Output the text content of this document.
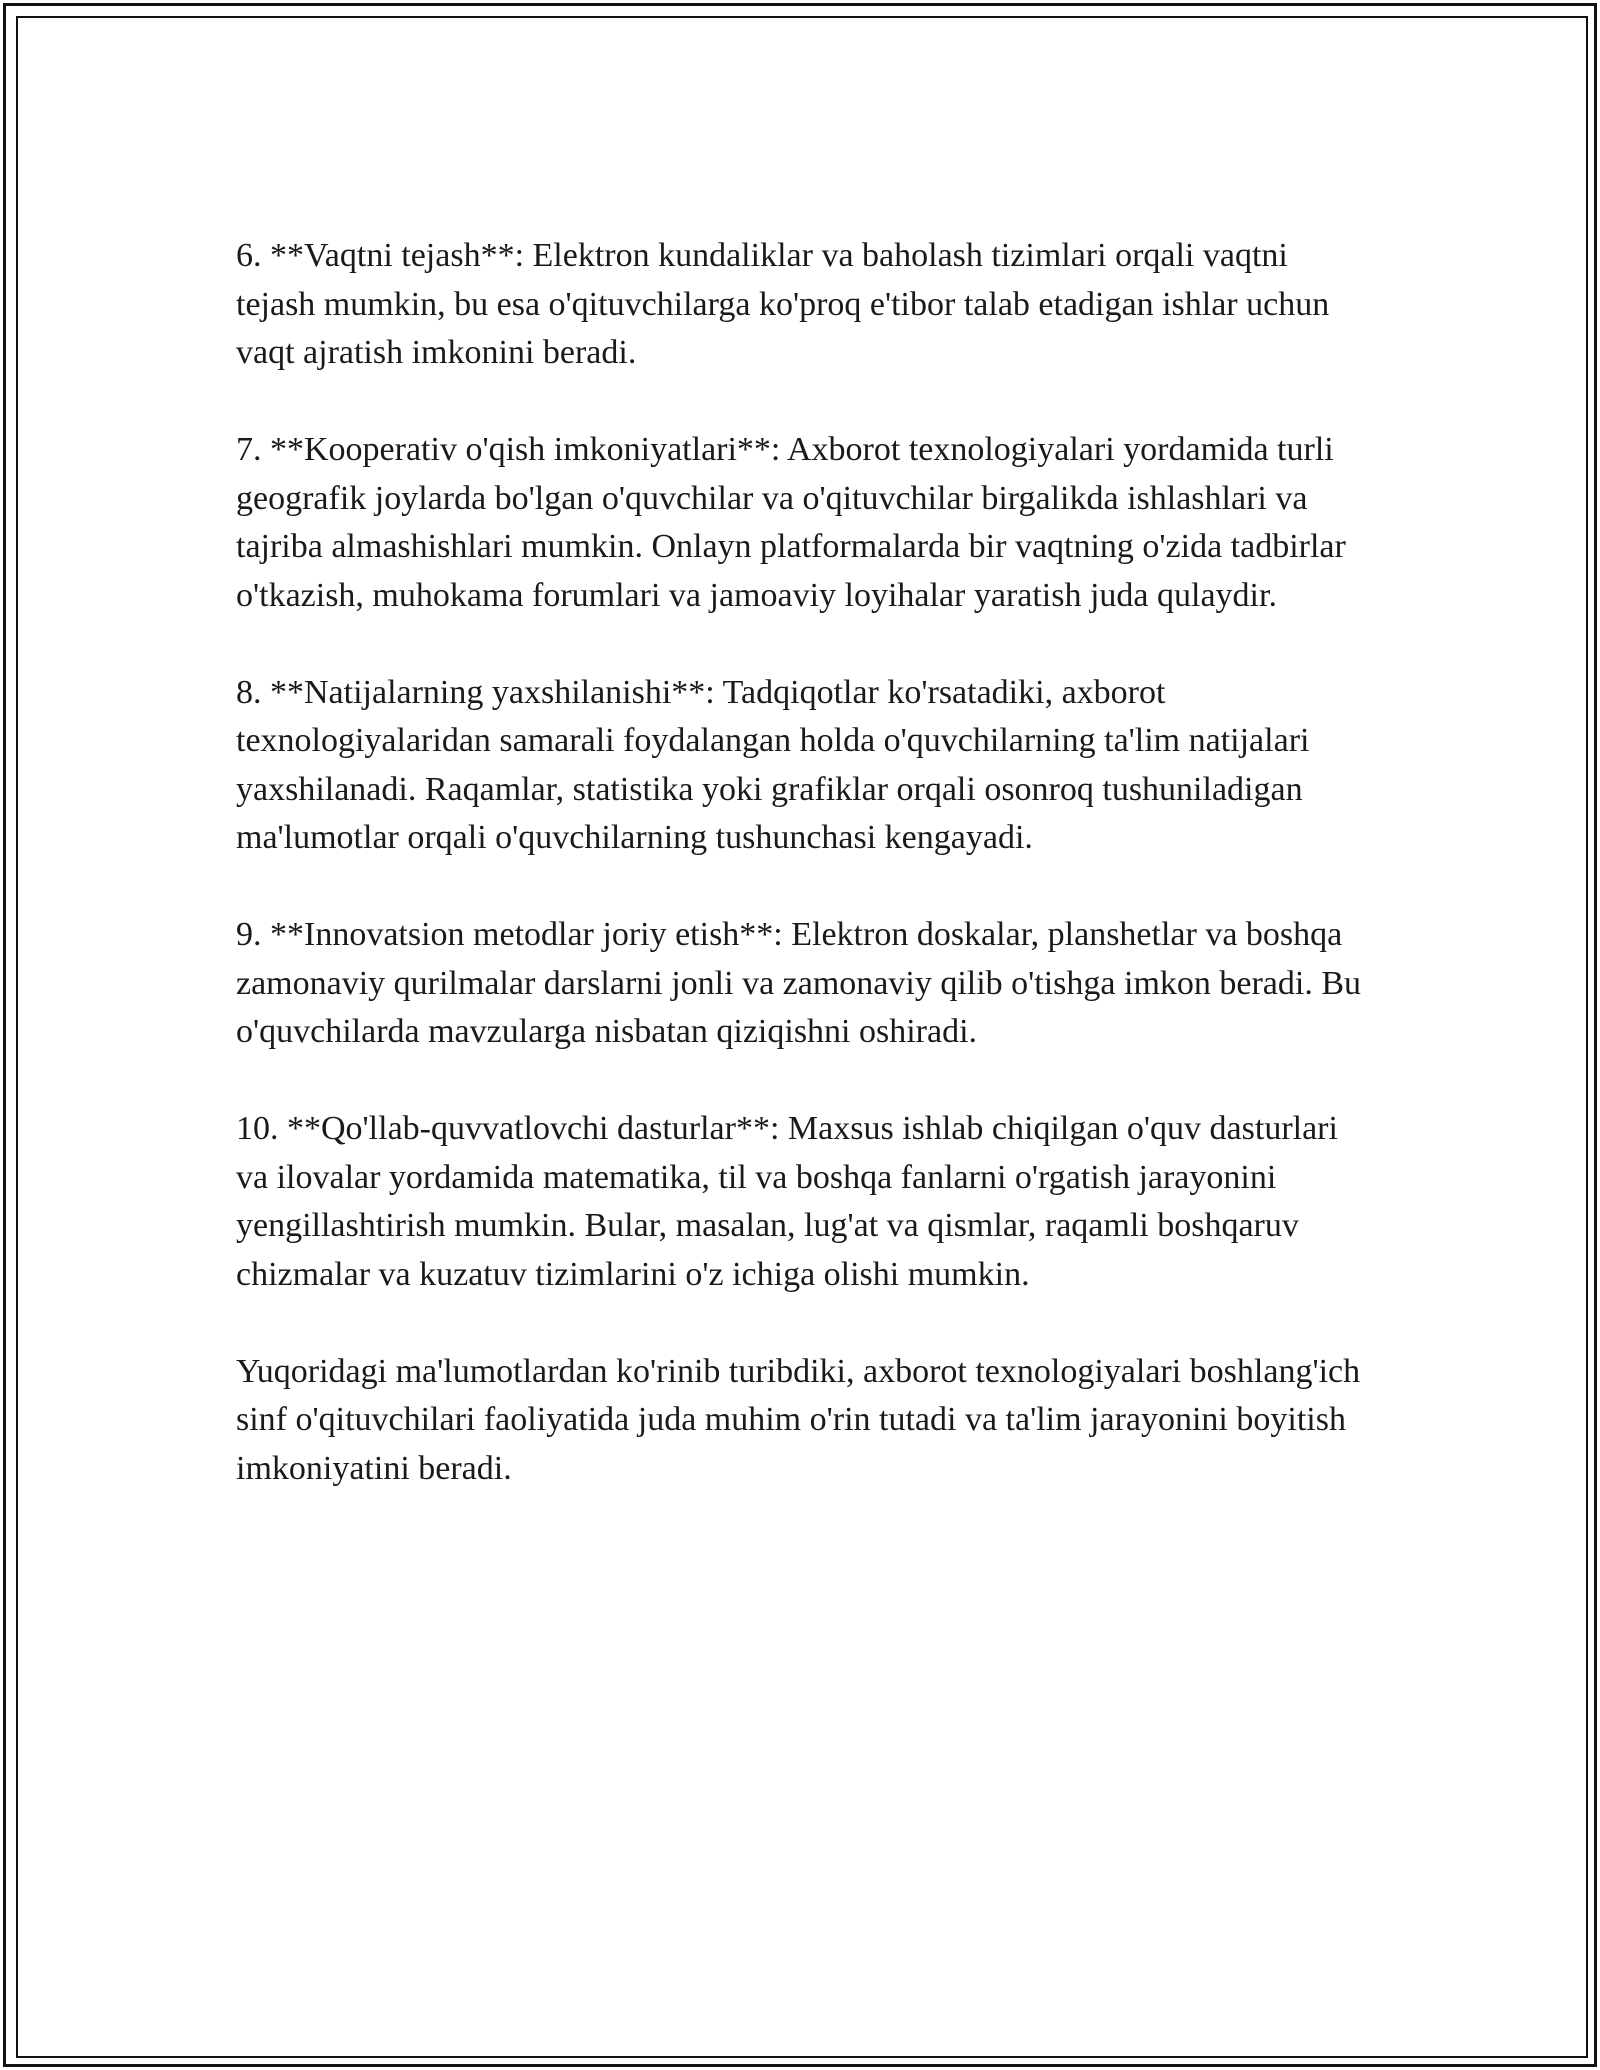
6. **Vaqtni tejash**: Elektron kundaliklar va baholash tizimlari orqali vaqtni tejash mumkin, bu esa o'qituvchilarga ko'proq e'tibor talab etadigan ishlar uchun vaqt ajratish imkonini beradi.

7. **Kooperativ o'qish imkoniyatlari**: Axborot texnologiyalari yordamida turli geografik joylarda bo'lgan o'quvchilar va o'qituvchilar birgalikda ishlashlari va tajriba almashishlari mumkin. Onlayn platformalarda bir vaqtning o'zida tadbirlar o'tkazish, muhokama forumlari va jamoaviy loyihalar yaratish juda qulaydir.

8. **Natijalarning yaxshilanishi**: Tadqiqotlar ko'rsatadiki, axborot texnologiyalaridan samarali foydalangan holda o'quvchilarning ta'lim natijalari yaxshilanadi. Raqamlar, statistika yoki grafiklar orqali osonroq tushuniladigan ma'lumotlar orqali o'quvchilarning tushunchasi kengayadi.

9. **Innovatsion metodlar joriy etish**: Elektron doskalar, planshetlar va boshqa zamonaviy qurilmalar darslarni jonli va zamonaviy qilib o'tishga imkon beradi. Bu o'quvchilarda mavzularga nisbatan qiziqishni oshiradi.

10. **Qo'llab-quvvatlovchi dasturlar**: Maxsus ishlab chiqilgan o'quv dasturlari va ilovalar yordamida matematika, til va boshqa fanlarni o'rgatish jarayonini yengillashtirish mumkin. Bular, masalan, lug'at va qismlar, raqamli boshqaruv chizmalar va kuzatuv tizimlarini o'z ichiga olishi mumkin.

Yuqoridagi ma'lumotlardan ko'rinib turibdiki, axborot texnologiyalari boshlang'ich sinf o'qituvchilari faoliyatida juda muhim o'rin tutadi va ta'lim jarayonini boyitish imkoniyatini beradi.
